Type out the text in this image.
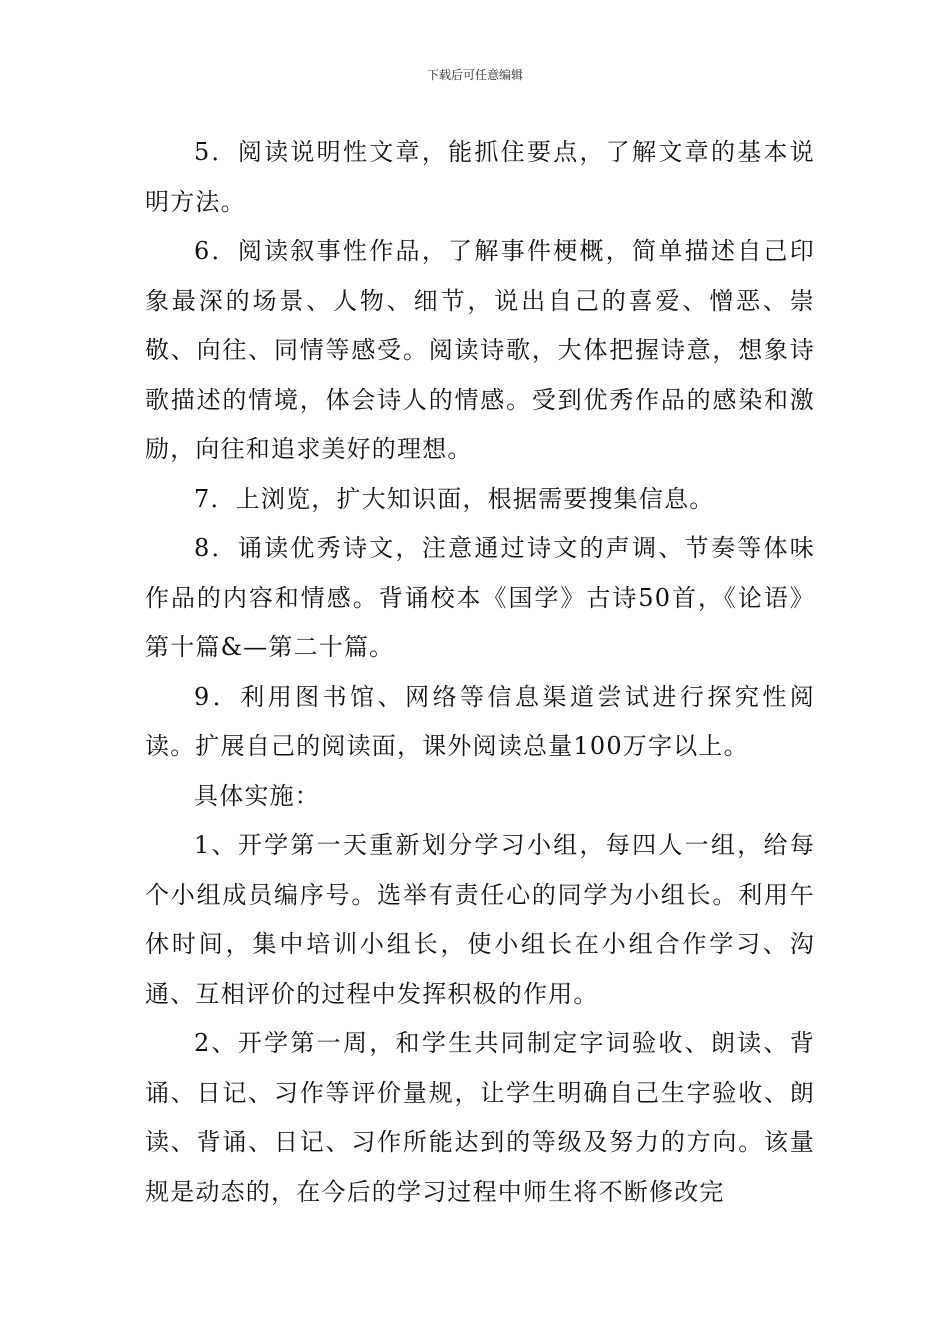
下载后可任意编辑

5．阅读说明性文章，能抓住要点，了解文章的基本说明方法。

6．阅读叙事性作品，了解事件梗概，简单描述自己印象最深的场景、人物、细节，说出自己的喜爱、憎恶、崇敬、向往、同情等感受。阅读诗歌，大体把握诗意，想象诗歌描述的情境，体会诗人的情感。受到优秀作品的感染和激励，向往和追求美好的理想。

7．上浏览，扩大知识面，根据需要搜集信息。

8．诵读优秀诗文，注意通过诗文的声调、节奏等体味作品的内容和情感。背诵校本《国学》古诗50首，《论语》第十篇&—第二十篇。

9．利用图书馆、网络等信息渠道尝试进行探究性阅读。扩展自己的阅读面，课外阅读总量100万字以上。

具体实施：

1、开学第一天重新划分学习小组，每四人一组，给每个小组成员编序号。选举有责任心的同学为小组长。利用午休时间，集中培训小组长，使小组长在小组合作学习、沟通、互相评价的过程中发挥积极的作用。

2、开学第一周，和学生共同制定字词验收、朗读、背诵、日记、习作等评价量规，让学生明确自己生字验收、朗读、背诵、日记、习作所能达到的等级及努力的方向。该量规是动态的，在今后的学习过程中师生将不断修改完
